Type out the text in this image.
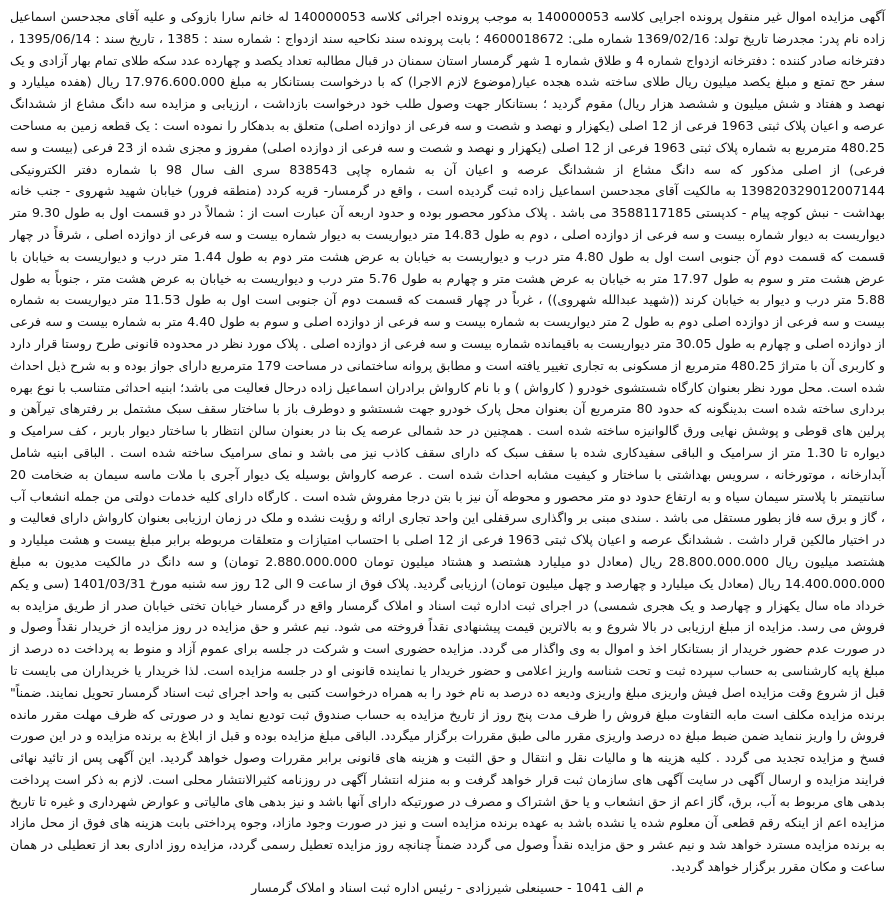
آگهی مزایده اموال غیر منقول پرونده اجرایی کلاسه 140000053 به موجب پرونده اجرائی کلاسه 140000053 له خانم سارا بازوکی و علیه آقای مجدحسن اسماعیل زاده نام پدر: مجدرضا تاریخ تولد: 1369/02/16 شماره ملی: 4600018672 ؛ بابت پرونده سند نکاحیه سند ازدواج : شماره سند : 1385 ، تاریخ سند : 1395/06/14 ، دفترخانه صادر کننده : دفترخانه ازدواج شماره 4 و طلاق شماره 1 شهر گرمسار استان سمنان در قبال مطالبه تعداد یکصد و چهارده عدد سکه طلای تمام بهار آزادی و یک سفر حج تمتع و مبلغ یکصد میلیون ریال طلای ساخته شده هجده عیار(موضوع لازم الاجرا) که با درخواست بستانکار به مبلغ 17.976.600.000 ریال (هفده میلیارد و نهصد و هفتاد و شش میلیون و ششصد هزار ریال) مقوم گردید ؛ بستانکار جهت وصول طلب خود درخواست بازداشت ، ارزیابی و مزایده سه دانگ مشاع از ششدانگ عرصه و اعیان پلاک ثبتی 1963 فرعی از 12 اصلی (یکهزار و نهصد و شصت و سه فرعی از دوازده اصلی) متعلق به بدهکار را نموده است : یک قطعه زمین به مساحت 480.25 مترمربع به شماره پلاک ثبتی 1963 فرعی از 12 اصلی (یکهزار و نهصد و شصت و سه فرعی از دوازده اصلی) مفروز و مجزی شده از 23 فرعی (بیست و سه فرعی) از اصلی مذکور که سه دانگ مشاع از ششدانگ عرصه و اعیان آن به شماره چاپی 838543 سری الف سال 98 با شماره دفتر الکترونیکی 139820329012007144 به مالکیت آقای مجدحسن اسماعیل زاده ثبت گردیده است ، واقع در گرمسار- قریه کردد (منطقه فرور) خیابان شهید شهروی - جنب خانه بهداشت - نبش کوچه پیام - کدپستی 3588117185 می باشد . پلاک مذکور محصور بوده و حدود اربعه آن عبارت است از : شمالاً در دو قسمت اول به طول 9.30 متر دیواریست به دیوار شماره بیست و سه فرعی از دوازده اصلی ، دوم به طول 14.83 متر دیواریست به دیوار شماره بیست و سه فرعی از دوازده اصلی ، شرقاً در چهار قسمت که قسمت دوم آن جنوبی است اول به طول 4.80 متر درب و دیواریست به خیابان به عرض هشت متر دوم به طول 1.44 متر درب و دیواریست به خیابان با عرض هشت متر و سوم به طول 17.97 متر به خیابان به عرض هشت متر و چهارم به طول 5.76 متر درب و دیواریست به خیابان به عرض هشت متر ، جنوباً به طول 5.88 متر درب و دیوار به خیابان کرند ((شهید عبدالله شهروی)) ، غرباً در چهار قسمت که قسمت دوم آن جنوبی است اول به طول 11.53 متر دیواریست به شماره بیست و سه فرعی از دوازده اصلی دوم به طول 2 متر دیواریست به شماره بیست و سه فرعی از دوازده اصلی و سوم به طول 4.40 متر به شماره بیست و سه فرعی از دوازده اصلی و چهارم به طول 30.05 متر دیواریست به باقیمانده شماره بیست و سه فرعی از دوازده اصلی . پلاک مورد نظر در محدوده قانونی طرح روستا قرار دارد و کاربری آن با متراژ 480.25 مترمربع از مسکونی به تجاری تغییر یافته است و مطابق پروانه ساختمانی در مساحت 179 مترمربع دارای جواز بوده و به شرح ذیل احداث شده است. محل مورد نظر بعنوان کارگاه شستشوی خودرو ( کارواش ) و با نام کارواش برادران اسماعیل زاده درحال فعالیت می باشد؛ ابنیه احداثی متناسب با نوع بهره برداری ساخته شده است بدینگونه که حدود 80 مترمربع آن بعنوان محل پارک خودرو جهت شستشو و دوطرف باز با ساختار سقف سبک مشتمل بر رفترهای تیرآهن و پرلین های قوطی و پوشش نهایی ورق گالوانیزه ساخته شده است . همچنین در حد شمالی عرصه یک بنا در بعنوان سالن انتظار با ساختار دیوار باربر ، کف سرامیک و دیواره تا 1.30 متر از سرامیک و الباقی سفیدکاری شده با سقف سبک که دارای سقف کاذب نیز می باشد و نمای سرامیک ساخته شده است . الباقی ابنیه شامل آبدارخانه ، موتورخانه ، سرویس بهداشتی با ساختار و کیفیت مشابه احداث شده است . عرصه کارواش بوسیله یک دیوار آجری با ملات ماسه سیمان به ضخامت 20 سانتیمتر با پلاستر سیمان سیاه و به ارتفاع حدود دو متر محصور و محوطه آن نیز با بتن درجا مفروش شده است . کارگاه دارای کلیه خدمات دولتی من جمله انشعاب آب ، گاز و برق سه فاز بطور مستقل می باشد . سندی مبنی بر واگذاری سرقفلی این واحد تجاری ارائه و رؤیت نشده و ملک در زمان ارزیابی بعنوان کارواش دارای فعالیت و در اختیار مالکین قرار داشت . ششدانگ عرصه و اعیان پلاک ثبتی 1963 فرعی از 12 اصلی با احتساب امتیازات و متعلقات مربوطه برابر مبلغ بیست و هشت میلیارد و هشتصد میلیون ریال 28.800.000.000 ریال (معادل دو میلیارد هشتصد و هشتاد میلیون تومان 2.880.000.000 تومان) و سه دانگ در مالکیت مدیون به مبلغ 14.400.000.000 ریال (معادل یک میلیارد و چهارصد و چهل میلیون تومان) ارزیابی گردید. پلاک فوق از ساعت 9 الی 12 روز سه شنبه مورخ 1401/03/31 (سی و یکم خرداد ماه سال یکهزار و چهارصد و یک هجری شمسی) در اجرای ثبت اداره ثبت اسناد و املاک گرمسار واقع در گرمسار خیابان تختی خیابان صدر از طریق مزایده به فروش می رسد. مزایده از مبلغ ارزیابی در بالا شروع و به بالاترین قیمت پیشنهادی نقداً فروخته می شود. نیم عشر و حق مزایده در روز مزایده از خریدار نقداً وصول و در صورت عدم حضور خریدار از بستانکار اخذ و اموال به وی واگذار می گردد. مزایده حضوری است و شرکت در جلسه برای عموم آزاد و منوط به پرداخت ده درصد از مبلغ پایه کارشناسی به حساب سپرده ثبت و تحت شناسه واریز اعلامی و حضور خریدار یا نماینده قانونی او در جلسه مزایده است. لذا خریدار یا خریداران می بایست تا قبل از شروع وقت مزایده اصل فیش واریزی مبلغ واریزی ودیعه ده درصد به نام خود را به همراه درخواست کتبی به واحد اجرای ثبت اسناد گرمسار تحویل نمایند. ضمناً" برنده مزایده مکلف است مابه التفاوت مبلغ فروش را ظرف مدت پنج روز از تاریخ مزایده به حساب صندوق ثبت تودیع نماید و در صورتی که ظرف مهلت مقرر مانده فروش را واریز ننماید ضمن ضبط مبلغ ده درصد واریزی مقرر مالی طبق مقررات برگزار میگردد. الباقی مبلغ مزایده بوده و قبل از ابلاغ به برنده مزایده و در این صورت فسخ و مزایده تجدید می گردد . کلیه هزینه ها و مالیات نقل و انتقال و حق الثبت و هزینه های قانونی برابر مقررات وصول خواهد گردید. این آگهی پس از تائید نهائی فرایند مزایده و ارسال آگهی در سایت آگهی های سازمان ثبت قرار خواهد گرفت و به منزله انتشار آگهی در روزنامه کثیرالانتشار محلی است. لازم به ذکر است پرداخت بدهی های مربوط به آب، برق، گاز اعم از حق انشعاب و یا حق اشتراک و مصرف در صورتیکه دارای آنها باشد و نیز بدهی های مالیاتی و عوارض شهرداری و غیره تا تاریخ مزایده اعم از اینکه رقم قطعی آن معلوم شده یا نشده باشد به عهده برنده مزایده است و نیز در صورت وجود مازاد، وجوه پرداختی بابت هزینه های فوق از محل مازاد به برنده مزایده مسترد خواهد شد و نیم عشر و حق مزایده نقداً وصول می گردد ضمناً چنانچه روز مزایده تعطیل رسمی گردد، مزایده روز اداری بعد از تعطیلی در همان ساعت و مکان مقرر برگزار خواهد گردید.

م الف 1041 - حسینعلی شیرزادی - رئیس اداره ثبت اسناد و املاک گرمسار
